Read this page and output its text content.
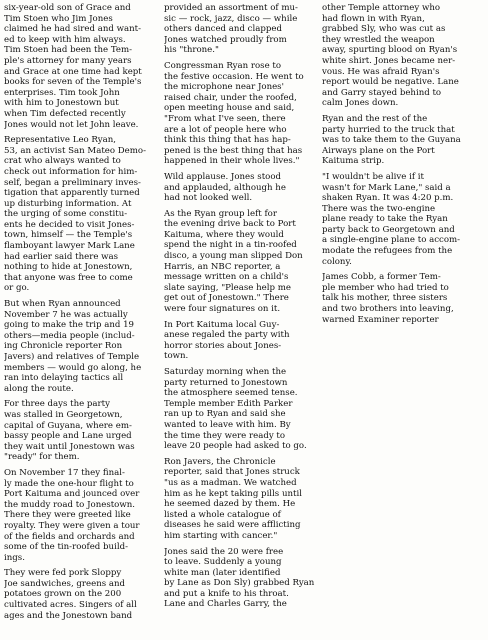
six-year-old son of Grace and
Tim Stoen who Jim Jones
claimed he had sired and want-
ed to keep with him always.
Tim Stoen had been the Tem-
ple's attorney for many years
and Grace at one time had kept
books for seven of the Temple's
enterprises. Tim took John
with him to Jonestown but
when Tim defected recently
Jones would not let John leave.
Representative Leo Ryan,
53, an activist San Mateo Demo-
crat who always wanted to
check out information for him-
self, began a preliminary inves-
tigation that apparently turned
up disturbing information. At
the urging of some constitu-
ents he decided to visit Jones-
town, himself — the Temple's
flamboyant lawyer Mark Lane
had earlier said there was
nothing to hide at Jonestown,
that anyone was free to come
or go.
But when Ryan announced
November 7 he was actually
going to make the trip and 19
others—media people (includ-
ing Chronicle reporter Ron
Javers) and relatives of Temple
members — would go along, he
ran into delaying tactics all
along the route.
For three days the party
was stalled in Georgetown,
capital of Guyana, where em-
bassy people and Lane urged
they wait until Jonestown was
"ready" for them.
On November 17 they final-
ly made the one-hour flight to
Port Kaituma and jounced over
the muddy road to Jonestown.
There they were greeted like
royalty. They were given a tour
of the fields and orchards and
some of the tin-roofed build-
ings.
They were fed pork Sloppy
Joe sandwiches, greens and
potatoes grown on the 200
cultivated acres. Singers of all
ages and the Jonestown band
provided an assortment of mu-
sic — rock, jazz, disco — while
others danced and clapped
Jones watched proudly from
his "throne."
Congressman Ryan rose to
the festive occasion. He went to
the microphone near Jones'
raised chair, under the roofed,
open meeting house and said,
"From what I've seen, there
are a lot of people here who
think this thing that has hap-
pened is the best thing that has
happened in their whole lives."
Wild applause. Jones stood
and applauded, although he
had not looked well.
As the Ryan group left for
the evening drive back to Port
Kaituma, where they would
spend the night in a tin-roofed
disco, a young man slipped Don
Harris, an NBC reporter, a
message written on a child's
slate saying, "Please help me
get out of Jonestown." There
were four signatures on it.
In Port Kaituma local Guy-
anese regaled the party with
horror stories about Jones-
town.
Saturday morning when the
party returned to Jonestown
the atmosphere seemed tense.
Temple member Edith Parker
ran up to Ryan and said she
wanted to leave with him. By
the time they were ready to
leave 20 people had asked to go.
Ron Javers, the Chronicle
reporter, said that Jones struck
"us as a madman. We watched
him as he kept taking pills until
he seemed dazed by them. He
listed a whole catalogue of
diseases he said were afflicting
him starting with cancer."
Jones said the 20 were free
to leave. Suddenly a young
white man (later identified
by Lane as Don Sly) grabbed Ryan
and put a knife to his throat.
Lane and Charles Garry, the
other Temple attorney who
had flown in with Ryan,
grabbed Sly, who was cut as
they wrestled the weapon
away, spurting blood on Ryan's
white shirt. Jones became ner-
vous. He was afraid Ryan's
report would be negative. Lane
and Garry stayed behind to
calm Jones down.
Ryan and the rest of the
party hurried to the truck that
was to take them to the Guyana
Airways plane on the Port
Kaituma strip.
"I wouldn't be alive if it
wasn't for Mark Lane," said a
shaken Ryan. It was 4:20 p.m.
There was the two-engine
plane ready to take the Ryan
party back to Georgetown and
a single-engine plane to accom-
modate the refugees from the
colony.
James Cobb, a former Tem-
ple member who had tried to
talk his mother, three sisters
and two brothers into leaving,
warned Examiner reporter
